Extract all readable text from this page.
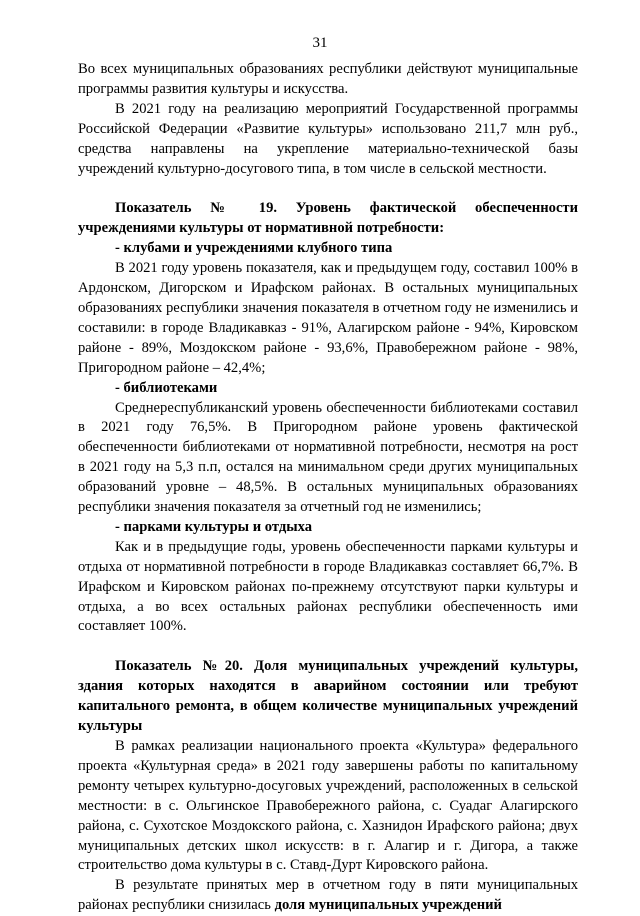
31

Во всех муниципальных образованиях республики действуют муниципальные программы развития культуры и искусства.

В 2021 году на реализацию мероприятий Государственной программы Российской Федерации «Развитие культуры» использовано 211,7 млн руб., средства направлены на укрепление материально-технической базы учреждений культурно-досугового типа, в том числе в сельской местности.

Показатель № 19. Уровень фактической обеспеченности учреждениями культуры от нормативной потребности:

- клубами и учреждениями клубного типа

В 2021 году уровень показателя, как и предыдущем году, составил 100% в Ардонском, Дигорском и Ирафском районах. В остальных муниципальных образованиях республики значения показателя в отчетном году не изменились и составили: в городе Владикавказ - 91%, Алагирском районе - 94%, Кировском районе - 89%, Моздокском районе - 93,6%, Правобережном районе - 98%, Пригородном районе – 42,4%;

- библиотеками

Среднереспубликанский уровень обеспеченности библиотеками составил в 2021 году 76,5%. В Пригородном районе уровень фактической обеспеченности библиотеками от нормативной потребности, несмотря на рост в 2021 году на 5,3 п.п, остался на минимальном среди других муниципальных образований уровне – 48,5%. В остальных муниципальных образованиях республики значения показателя за отчетный год не изменились;

- парками культуры и отдыха

Как и в предыдущие годы, уровень обеспеченности парками культуры и отдыха от нормативной потребности в городе Владикавказ составляет 66,7%. В Ирафском и Кировском районах по-прежнему отсутствуют парки культуры и отдыха, а во всех остальных районах республики обеспеченность ими составляет 100%.

Показатель №20. Доля муниципальных учреждений культуры, здания которых находятся в аварийном состоянии или требуют капитального ремонта, в общем количестве муниципальных учреждений культуры

В рамках реализации национального проекта «Культура» федерального проекта «Культурная среда» в 2021 году завершены работы по капитальному ремонту четырех культурно-досуговых учреждений, расположенных в сельской местности: в с. Ольгинское Правобережного района, с. Суадаг Алагирского района, с. Сухотское Моздокского района, с. Хазнидон Ирафского района; двух муниципальных детских школ искусств: в г. Алагир и г. Дигора, а также строительство дома культуры в с. Ставд-Дурт Кировского района.

В результате принятых мер в отчетном году в пяти муниципальных районах республики снизилась доля муниципальных учреждений
